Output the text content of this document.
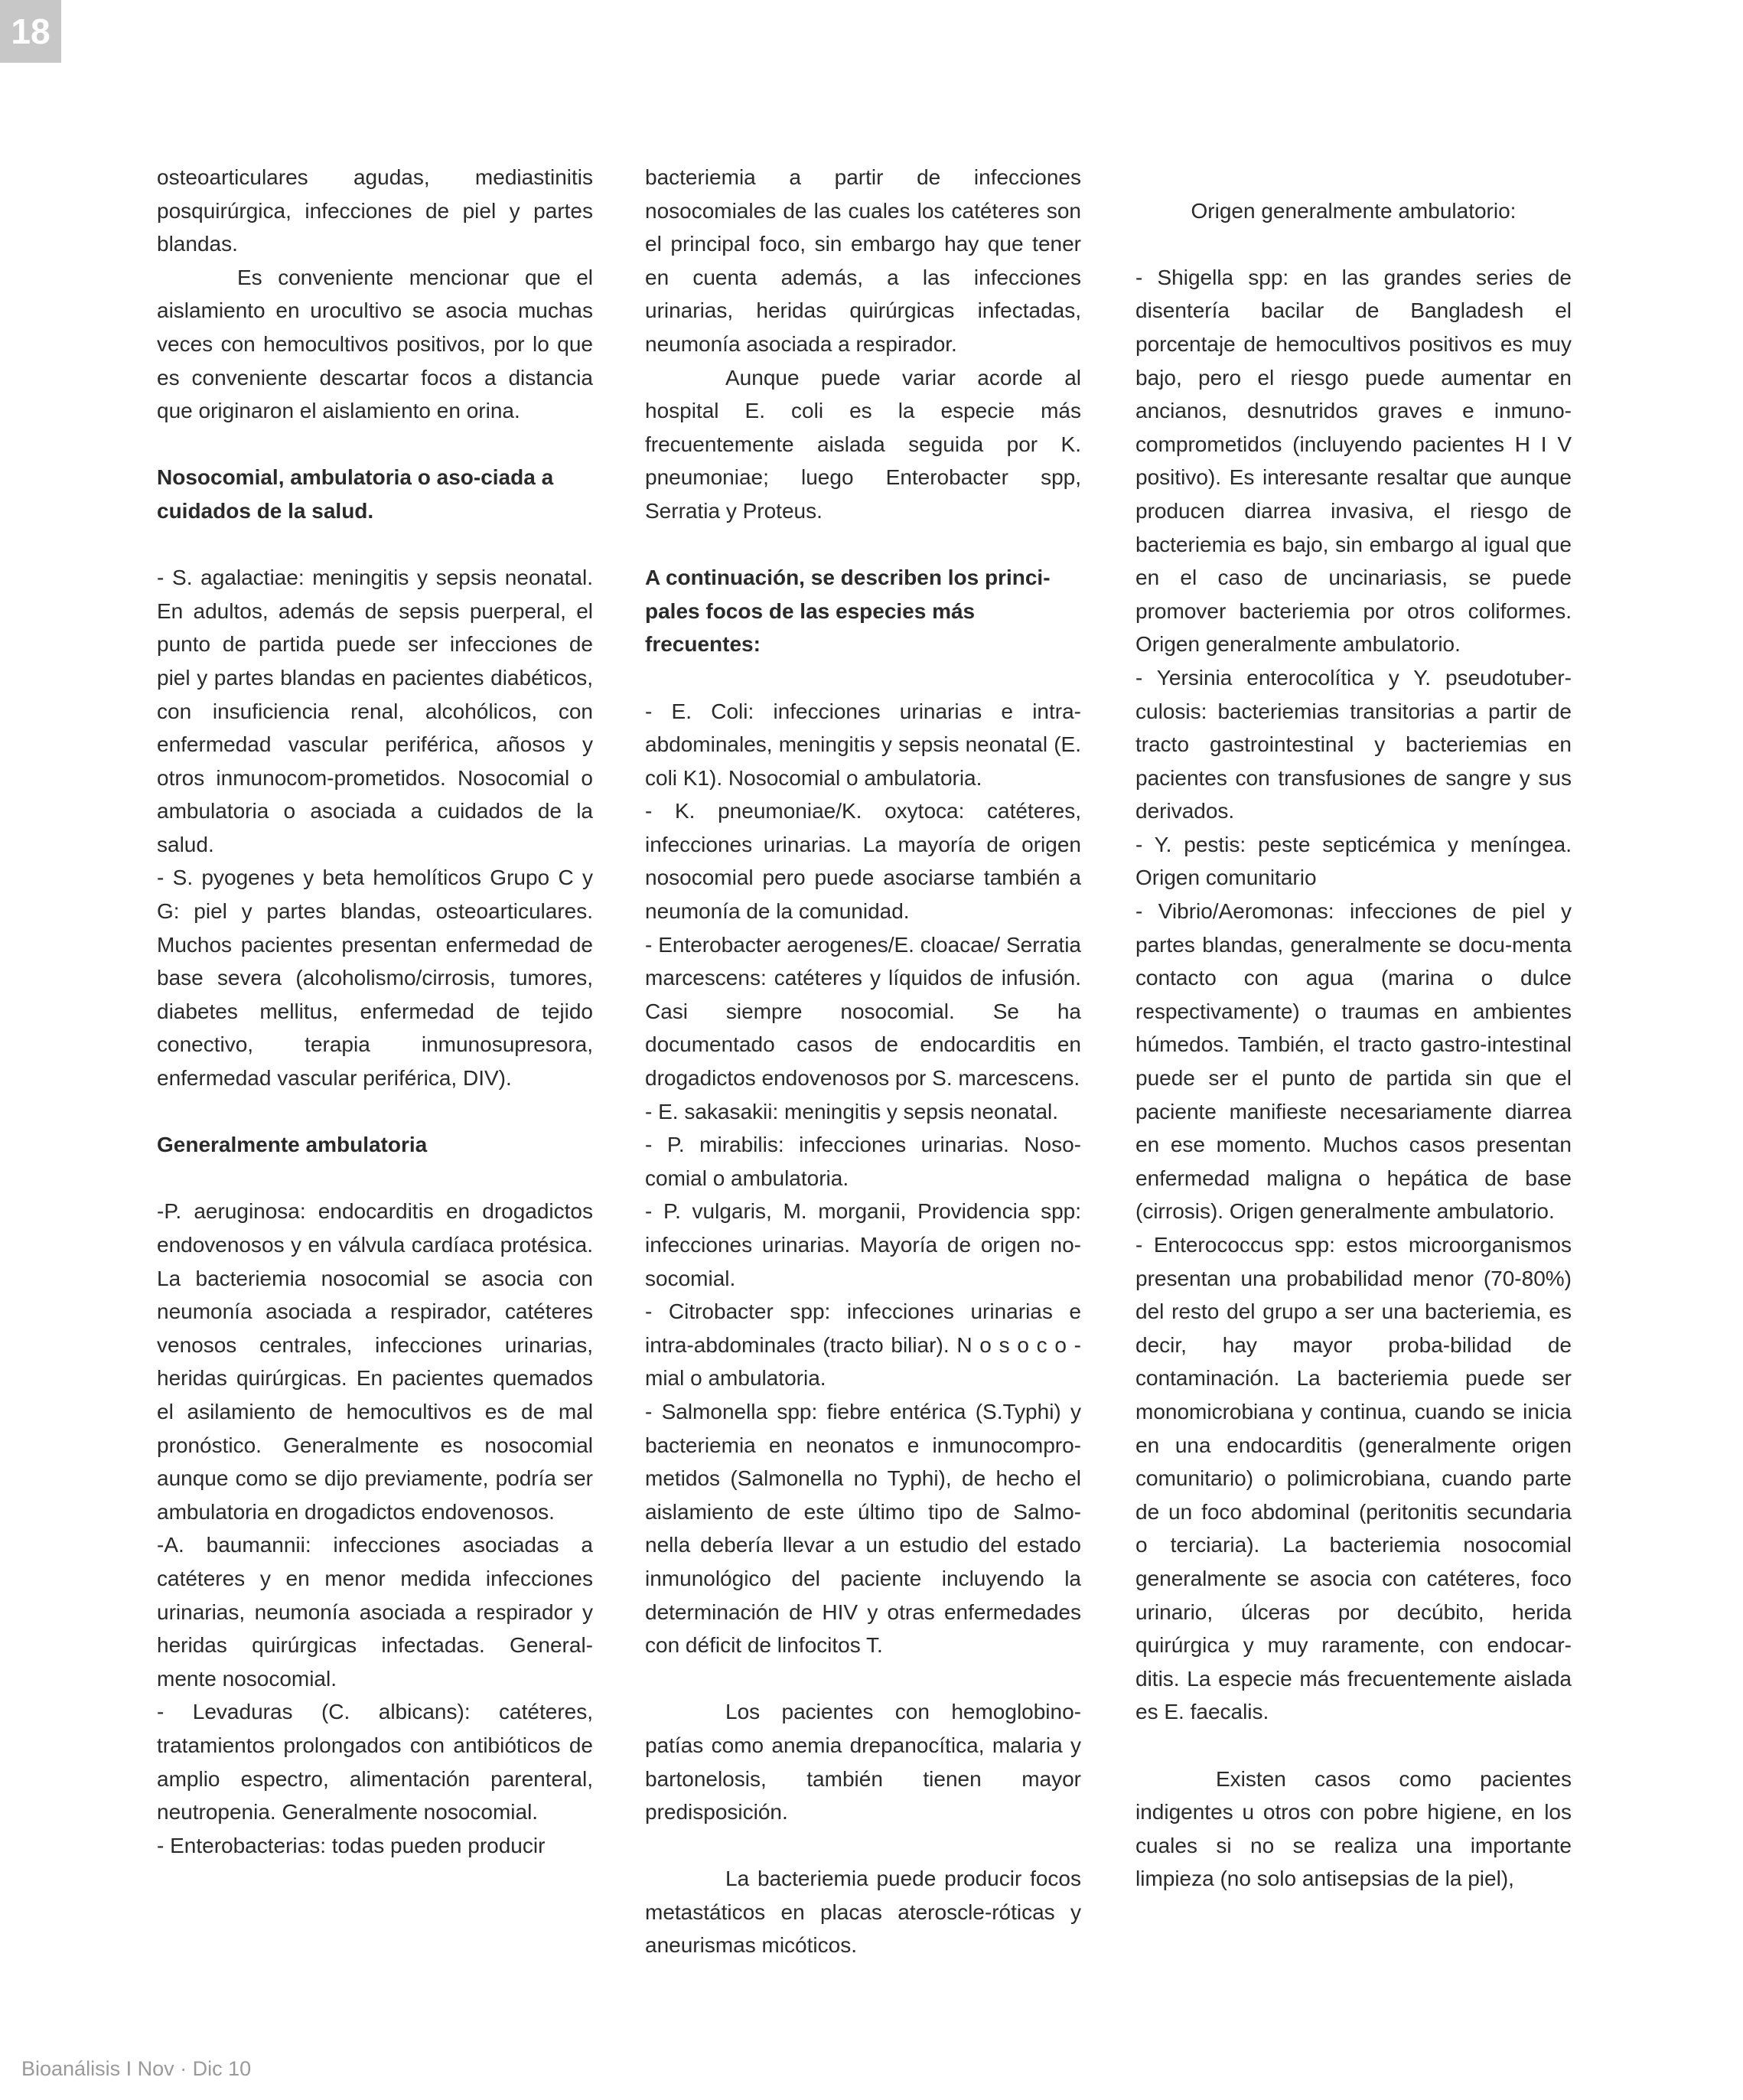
18

osteoarticulares agudas, mediastinitis posquirúrgica, infecciones de piel y partes blandas.

Es conveniente mencionar que el aislamiento en urocultivo se asocia muchas veces con hemocultivos positivos, por lo que es conveniente descartar focos a distancia que originaron el aislamiento en orina.

Nosocomial, ambulatoria o aso-ciada a cuidados de la salud.

- S. agalactiae: meningitis y sepsis neonatal. En adultos, además de sepsis puerperal, el punto de partida puede ser infecciones de piel y partes blandas en pacientes diabéticos, con insuficiencia renal, alcohólicos, con enfermedad vascular periférica, añosos y otros inmunocom-prometidos. Nosocomial o ambulatoria o asociada a cuidados de la salud.

- S. pyogenes y beta hemolíticos Grupo C y G: piel y partes blandas, osteoarticulares. Muchos pacientes presentan enfermedad de base severa (alcoholismo/cirrosis, tumores, diabetes mellitus, enfermedad de tejido conectivo, terapia inmunosupresora, enfermedad vascular periférica, DIV).

Generalmente ambulatoria

-P. aeruginosa: endocarditis en drogadictos endovenosos y en válvula cardíaca protésica. La bacteriemia nosocomial se asocia con neumonía asociada a respirador, catéteres venosos centrales, infecciones urinarias, heridas quirúrgicas. En pacientes quemados el asilamiento de hemocultivos es de mal pronóstico. Generalmente es nosocomial aunque como se dijo previamente, podría ser ambulatoria en drogadictos endovenosos.

-A. baumannii: infecciones asociadas a catéteres y en menor medida infecciones urinarias, neumonía asociada a respirador y heridas quirúrgicas infectadas. General-mente nosocomial.

- Levaduras (C. albicans): catéteres, tratamientos prolongados con antibióticos de amplio espectro, alimentación parenteral, neutropenia. Generalmente nosocomial.

- Enterobacterias: todas pueden producir

bacteriemia a partir de infecciones nosocomiales de las cuales los catéteres son el principal foco, sin embargo hay que tener en cuenta además, a las infecciones urinarias, heridas quirúrgicas infectadas, neumonía asociada a respirador.

Aunque puede variar acorde al hospital E. coli es la especie más frecuentemente aislada seguida por K. pneumoniae; luego Enterobacter spp, Serratia y Proteus.

A continuación, se describen los princi-pales focos de las especies más frecuentes:

- E. Coli: infecciones urinarias e intra-abdominales, meningitis y sepsis neonatal (E. coli K1). Nosocomial o ambulatoria.

- K. pneumoniae/K. oxytoca: catéteres, infecciones urinarias. La mayoría de origen nosocomial pero puede asociarse también a neumonía de la comunidad.

- Enterobacter aerogenes/E. cloacae/ Serratia marcescens: catéteres y líquidos de infusión. Casi siempre nosocomial. Se ha documentado casos de endocarditis en drogadictos endovenosos por S. marcescens.

- E. sakasakii: meningitis y sepsis neonatal.

- P. mirabilis: infecciones urinarias. Noso-comial o ambulatoria.

- P. vulgaris, M. morganii, Providencia spp: infecciones urinarias. Mayoría de origen no-socomial.

- Citrobacter spp: infecciones urinarias e intra-abdominales (tracto biliar). N o s o c o - mial o ambulatoria.

- Salmonella spp: fiebre entérica (S.Typhi) y bacteriemia en neonatos e inmunocompro-metidos (Salmonella no Typhi), de hecho el aislamiento de este último tipo de Salmo-nella debería llevar a un estudio del estado inmunológico del paciente incluyendo la determinación de HIV y otras enfermedades con déficit de linfocitos T.

Los pacientes con hemoglobino-patías como anemia drepanocítica, malaria y bartonelosis, también tienen mayor predisposición.

La bacteriemia puede producir focos metastáticos en placas ateroscle-róticas y aneurismas micóticos.

Origen generalmente ambulatorio:

- Shigella spp: en las grandes series de disentería bacilar de Bangladesh el porcentaje de hemocultivos positivos es muy bajo, pero el riesgo puede aumentar en ancianos, desnutridos graves e inmuno-comprometidos (incluyendo pacientes H I V positivo). Es interesante resaltar que aunque producen diarrea invasiva, el riesgo de bacteriemia es bajo, sin embargo al igual que en el caso de uncinariasis, se puede promover bacteriemia por otros coliformes. Origen generalmente ambulatorio.

- Yersinia enterocolítica y Y. pseudotuber-culosis: bacteriemias transitorias a partir de tracto gastrointestinal y bacteriemias en pacientes con transfusiones de sangre y sus derivados.

- Y. pestis: peste septicémica y meníngea. Origen comunitario

- Vibrio/Aeromonas: infecciones de piel y partes blandas, generalmente se docu-menta contacto con agua (marina o dulce respectivamente) o traumas en ambientes húmedos. También, el tracto gastro-intestinal puede ser el punto de partida sin que el paciente manifieste necesariamente diarrea en ese momento. Muchos casos presentan enfermedad maligna o hepática de base (cirrosis). Origen generalmente ambulatorio.

- Enterococcus spp: estos microorganismos presentan una probabilidad menor (70-80%) del resto del grupo a ser una bacteriemia, es decir, hay mayor proba-bilidad de contaminación. La bacteriemia puede ser monomicrobiana y continua, cuando se inicia en una endocarditis (generalmente origen comunitario) o polimicrobiana, cuando parte de un foco abdominal (peritonitis secundaria o terciaria). La bacteriemia nosocomial generalmente se asocia con catéteres, foco urinario, úlceras por decúbito, herida quirúrgica y muy raramente, con endocar-ditis. La especie más frecuentemente aislada es E. faecalis.

Existen casos como pacientes indigentes u otros con pobre higiene, en los cuales si no se realiza una importante limpieza (no solo antisepsias de la piel),

Bioanálisis I Nov · Dic 10
